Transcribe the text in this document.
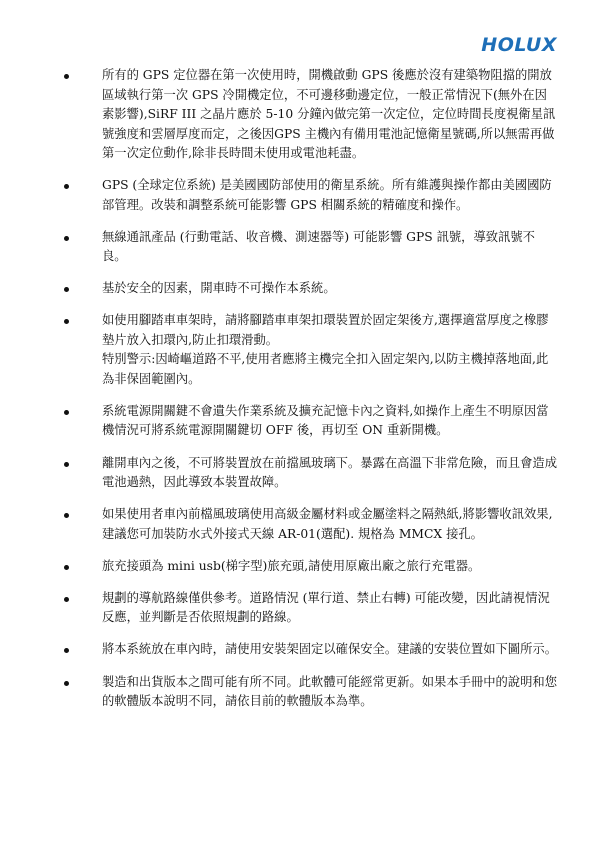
HOLUX
所有的 GPS 定位器在第一次使用時，開機啟動 GPS 後應於沒有建築物阻擋的開放區域執行第一次 GPS 冷開機定位，不可邊移動邊定位，一般正常情況下(無外在因素影響),SiRF III 之晶片應於 5-10 分鐘內做完第一次定位，定位時間長度視衛星訊號強度和雲層厚度而定，之後因GPS 主機內有備用電池記憶衛星號碼,所以無需再做第一次定位動作,除非長時間未使用或電池耗盡。
GPS (全球定位系統) 是美國國防部使用的衛星系統。所有維護與操作都由美國國防部管理。改裝和調整系統可能影響 GPS 相關系統的精確度和操作。
無線通訊產品 (行動電話、收音機、測速器等) 可能影響 GPS 訊號，導致訊號不良。
基於安全的因素，開車時不可操作本系統。
如使用腳踏車車架時，請將腳踏車車架扣環裝置於固定架後方,選擇適當厚度之橡膠墊片放入扣環內,防止扣環滑動。
特別警示:因崎嶇道路不平,使用者應將主機完全扣入固定架內,以防主機掉落地面,此為非保固範圍內。
系統電源開關鍵不會遺失作業系統及擴充記憶卡內之資料,如操作上產生不明原因當機情況可將系統電源開關鍵切 OFF 後，再切至 ON 重新開機。
離開車內之後，不可將裝置放在前擋風玻璃下。暴露在高溫下非常危險，而且會造成電池過熱，因此導致本裝置故障。
如果使用者車內前檔風玻璃使用高級金屬材料或金屬塗料之隔熱紙,將影響收訊效果, 建議您可加裝防水式外接式天線 AR-01(選配). 規格為 MMCX 接孔。
旅充接頭為 mini usb(梯字型)旅充頭,請使用原廠出廠之旅行充電器。
規劃的導航路線僅供參考。道路情況 (單行道、禁止右轉) 可能改變，因此請視情況反應，並判斷是否依照規劃的路線。
將本系統放在車內時，請使用安裝架固定以確保安全。建議的安裝位置如下圖所示。
製造和出貨版本之間可能有所不同。此軟體可能經常更新。如果本手冊中的說明和您的軟體版本說明不同，請依目前的軟體版本為準。
